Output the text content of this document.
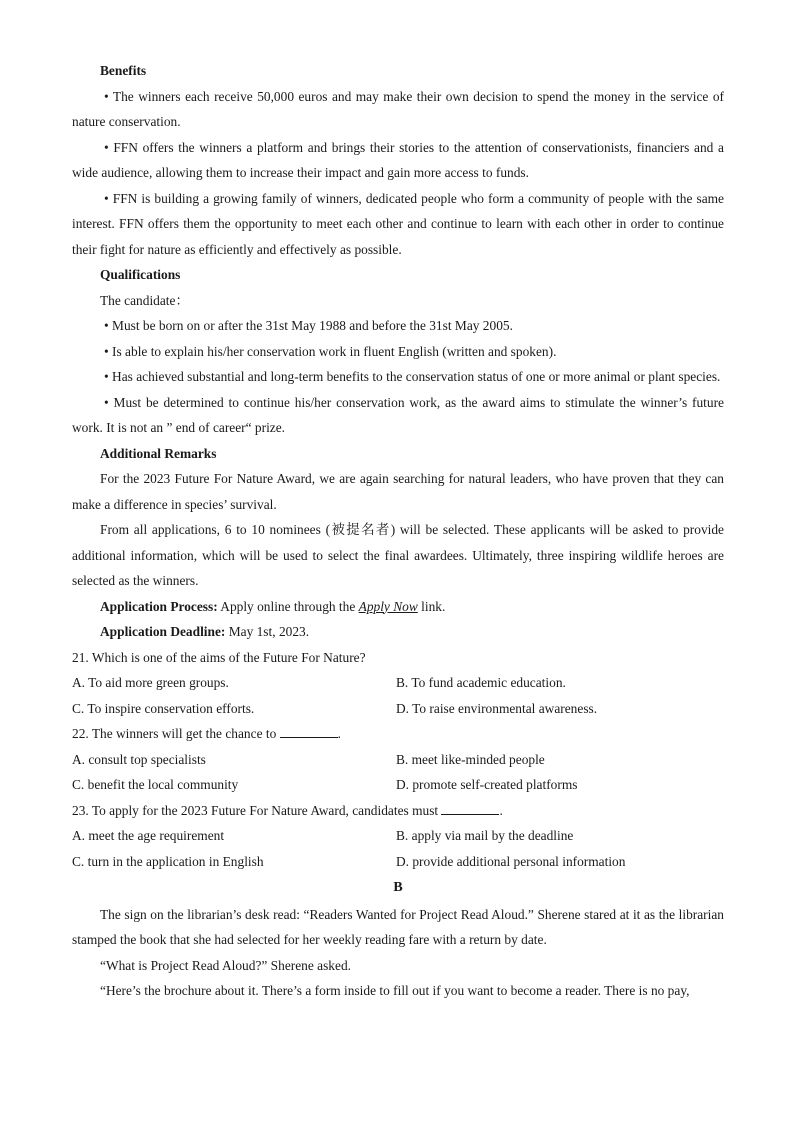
Benefits
• The winners each receive 50,000 euros and may make their own decision to spend the money in the service of nature conservation.
• FFN offers the winners a platform and brings their stories to the attention of conservationists, financiers and a wide audience, allowing them to increase their impact and gain more access to funds.
• FFN is building a growing family of winners, dedicated people who form a community of people with the same interest. FFN offers them the opportunity to meet each other and continue to learn with each other in order to continue their fight for nature as efficiently and effectively as possible.
Qualifications
The candidate：
• Must be born on or after the 31st May 1988 and before the 31st May 2005.
• Is able to explain his/her conservation work in fluent English (written and spoken).
• Has achieved substantial and long-term benefits to the conservation status of one or more animal or plant species.
• Must be determined to continue his/her conservation work, as the award aims to stimulate the winner’s future work. It is not an ” end of career“ prize.
Additional Remarks
For the 2023 Future For Nature Award, we are again searching for natural leaders, who have proven that they can make a difference in species’ survival.
From all applications, 6 to 10 nominees (被提名者) will be selected. These applicants will be asked to provide additional information, which will be used to select the final awardees. Ultimately, three inspiring wildlife heroes are selected as the winners.
Application Process: Apply online through the Apply Now link.
Application Deadline: May 1st, 2023.
21. Which is one of the aims of the Future For Nature?
A. To aid more green groups.	B. To fund academic education.
C. To inspire conservation efforts.	D. To raise environmental awareness.
22. The winners will get the chance to	.
A. consult top specialists	B. meet like-minded people
C. benefit the local community	D. promote self-created platforms
23. To apply for the 2023 Future For Nature Award, candidates must	.
A. meet the age requirement	B. apply via mail by the deadline
C. turn in the application in English	D. provide additional personal information
B
The sign on the librarian’s desk read: “Readers Wanted for Project Read Aloud.” Sherene stared at it as the librarian stamped the book that she had selected for her weekly reading fare with a return by date.
“What is Project Read Aloud?” Sherene asked.
“Here’s the brochure about it. There’s a form inside to fill out if you want to become a reader. There is no pay,
